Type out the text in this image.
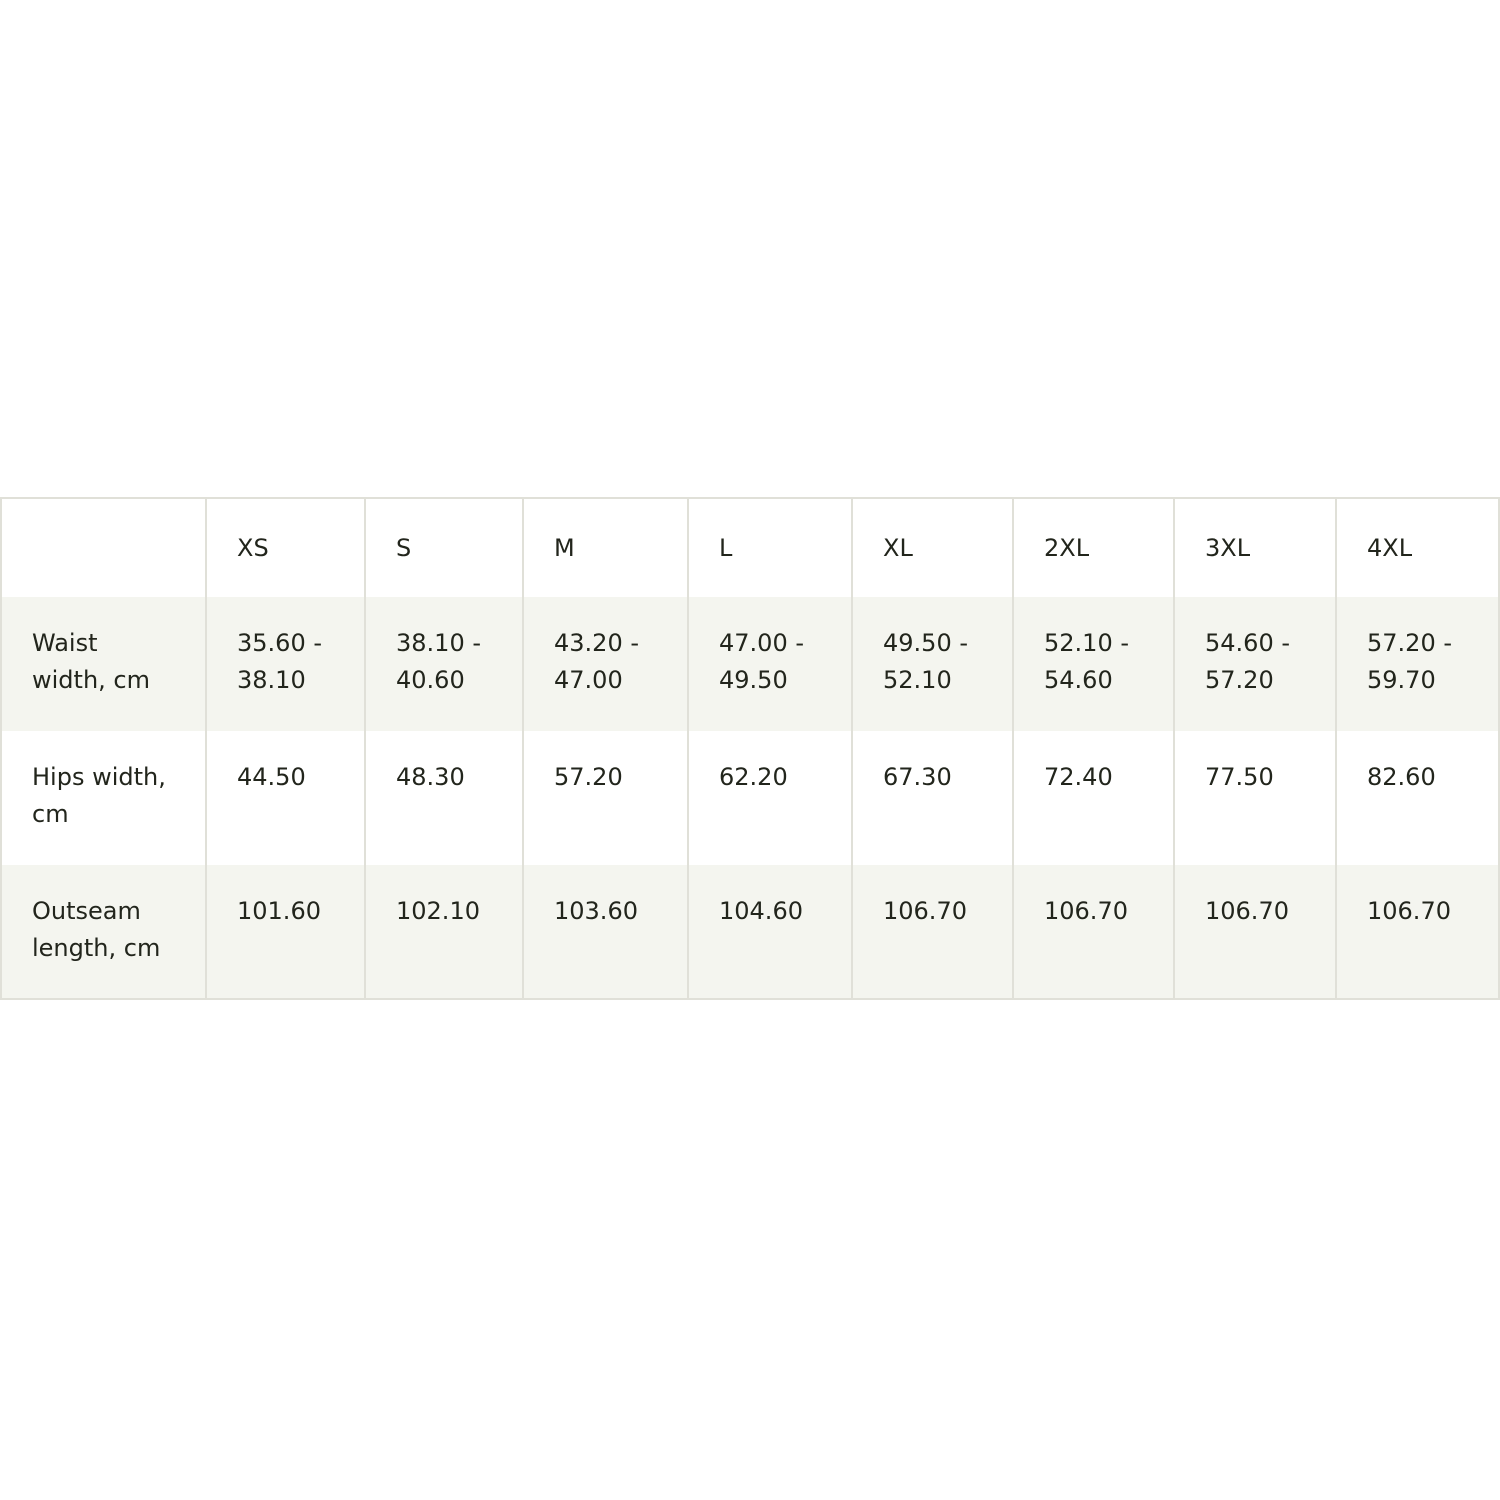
	XS	S	M	L	XL	2XL	3XL	4XL
Waist width, cm	35.60 - 38.10	38.10 - 40.60	43.20 - 47.00	47.00 - 49.50	49.50 - 52.10	52.10 - 54.60	54.60 - 57.20	57.20 - 59.70
Hips width, cm	44.50	48.30	57.20	62.20	67.30	72.40	77.50	82.60
Outseam length, cm	101.60	102.10	103.60	104.60	106.70	106.70	106.70	106.70
